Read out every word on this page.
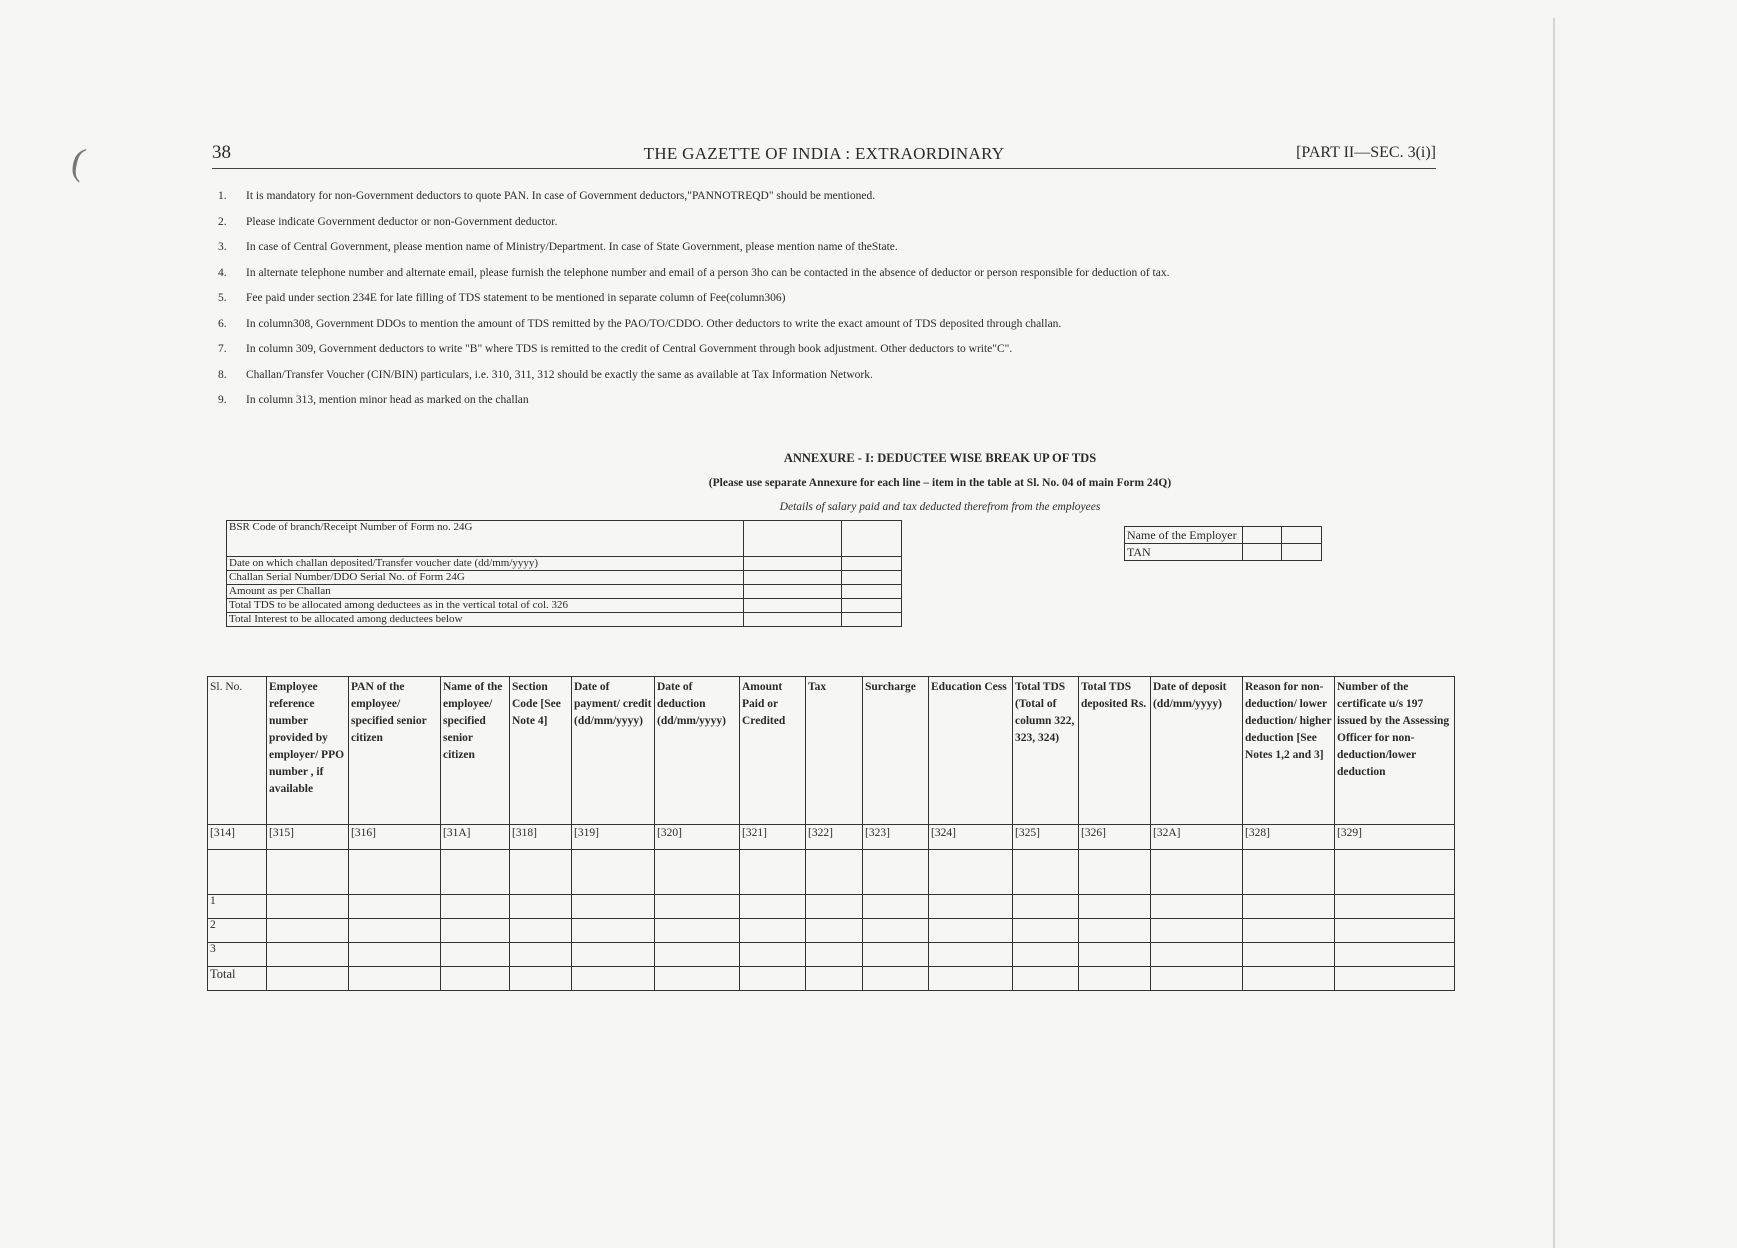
(	38	THE GAZETTE OF INDIA : EXTRAORDINARY	[PART II—SEC. 3(i)]
1.	It is mandatory for non-Government deductors to quote PAN. In case of Government deductors,"PANNOTREQD" should be mentioned.
2.	Please indicate Government deductor or non-Government deductor.
3.	In case of Central Government, please mention name of Ministry/Department. In case of State Government, please mention name of theState.
4.	In alternate telephone number and alternate email, please furnish the telephone number and email of a person 3ho can be contacted in the absence of deductor or person responsible for deduction of tax.
5.	Fee paid under section 234E for late filling of TDS statement to be mentioned in separate column of Fee(column306)
6.	In column308, Government DDOs to mention the amount of TDS remitted by the PAO/TO/CDDO. Other deductors to write the exact amount of TDS deposited through challan.
7.	In column 309, Government deductors to write "B" where TDS is remitted to the credit of Central Government through book adjustment. Other deductors to write"C".
8.	Challan/Transfer Voucher (CIN/BIN) particulars, i.e. 310, 311, 312 should be exactly the same as available at Tax Information Network.
9.	In column 313, mention minor head as marked on the challan
ANNEXURE - I: DEDUCTEE WISE BREAK UP OF TDS
(Please use separate Annexure for each line – item in the table at Sl. No. 04 of main Form 24Q)
Details of salary paid and tax deducted therefrom from the employees
BSR Code of branch/Receipt Number of Form no. 24G		
Date on which challan deposited/Transfer voucher date (dd/mm/yyyy)		
Challan Serial Number/DDO Serial No. of Form 24G		
Amount as per Challan		
Total TDS to be allocated among deductees as in the vertical total of col. 326		
Total Interest to be allocated among deductees below		
Name of the Employer		
TAN		
Sl. No.	Employee reference number provided by employer/ PPO number , if available	PAN of the employee/ specified senior citizen	Name of the employee/ specified senior citizen	Section Code [See Note 4]	Date of payment/ credit (dd/mm/yyyy)	Date of deduction (dd/mm/yyyy)	Amount Paid or Credited	Tax	Surcharge	Education Cess	Total TDS (Total of column 322, 323, 324)	Total TDS deposited Rs.	Date of deposit (dd/mm/yyyy)	Reason for non-deduction/ lower deduction/ higher deduction [See Notes 1,2 and 3]	Number of the certificate u/s 197 issued by the Assessing Officer for non-deduction/lower deduction
[314]	[315]	[316]	[31A]	[318]	[319]	[320]	[321]	[322]	[323]	[324]	[325]	[326]	[32A]	[328]	[329]

1															
2															
3															
Total															
